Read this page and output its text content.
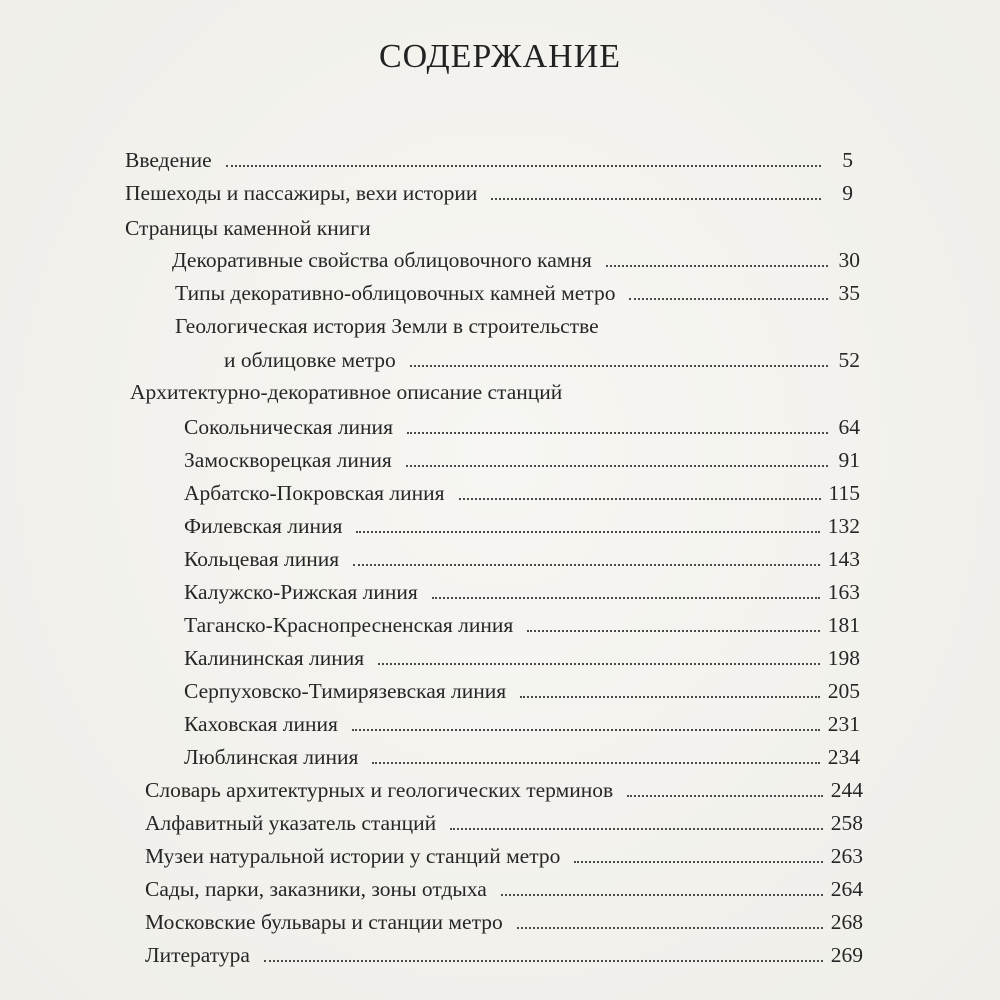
СОДЕРЖАНИЕ
Введение	5
Пешеходы и пассажиры, вехи истории	9
Страницы каменной книги
Декоративные свойства облицовочного камня	30
Типы декоративно-облицовочных камней метро	35
Геологическая история Земли в строительстве
и облицовке метро	52
Архитектурно-декоративное описание станций
Сокольническая линия	64
Замоскворецкая линия	91
Арбатско-Покровская линия	115
Филевская линия	132
Кольцевая линия	143
Калужско-Рижская линия	163
Таганско-Краснопресненская линия	181
Калининская линия	198
Серпуховско-Тимирязевская линия	205
Каховская линия	231
Люблинская линия	234
Словарь архитектурных и геологических терминов	244
Алфавитный указатель станций	258
Музеи натуральной истории у станций метро	263
Сады, парки, заказники, зоны отдыха	264
Московские бульвары и станции метро	268
Литература	269
